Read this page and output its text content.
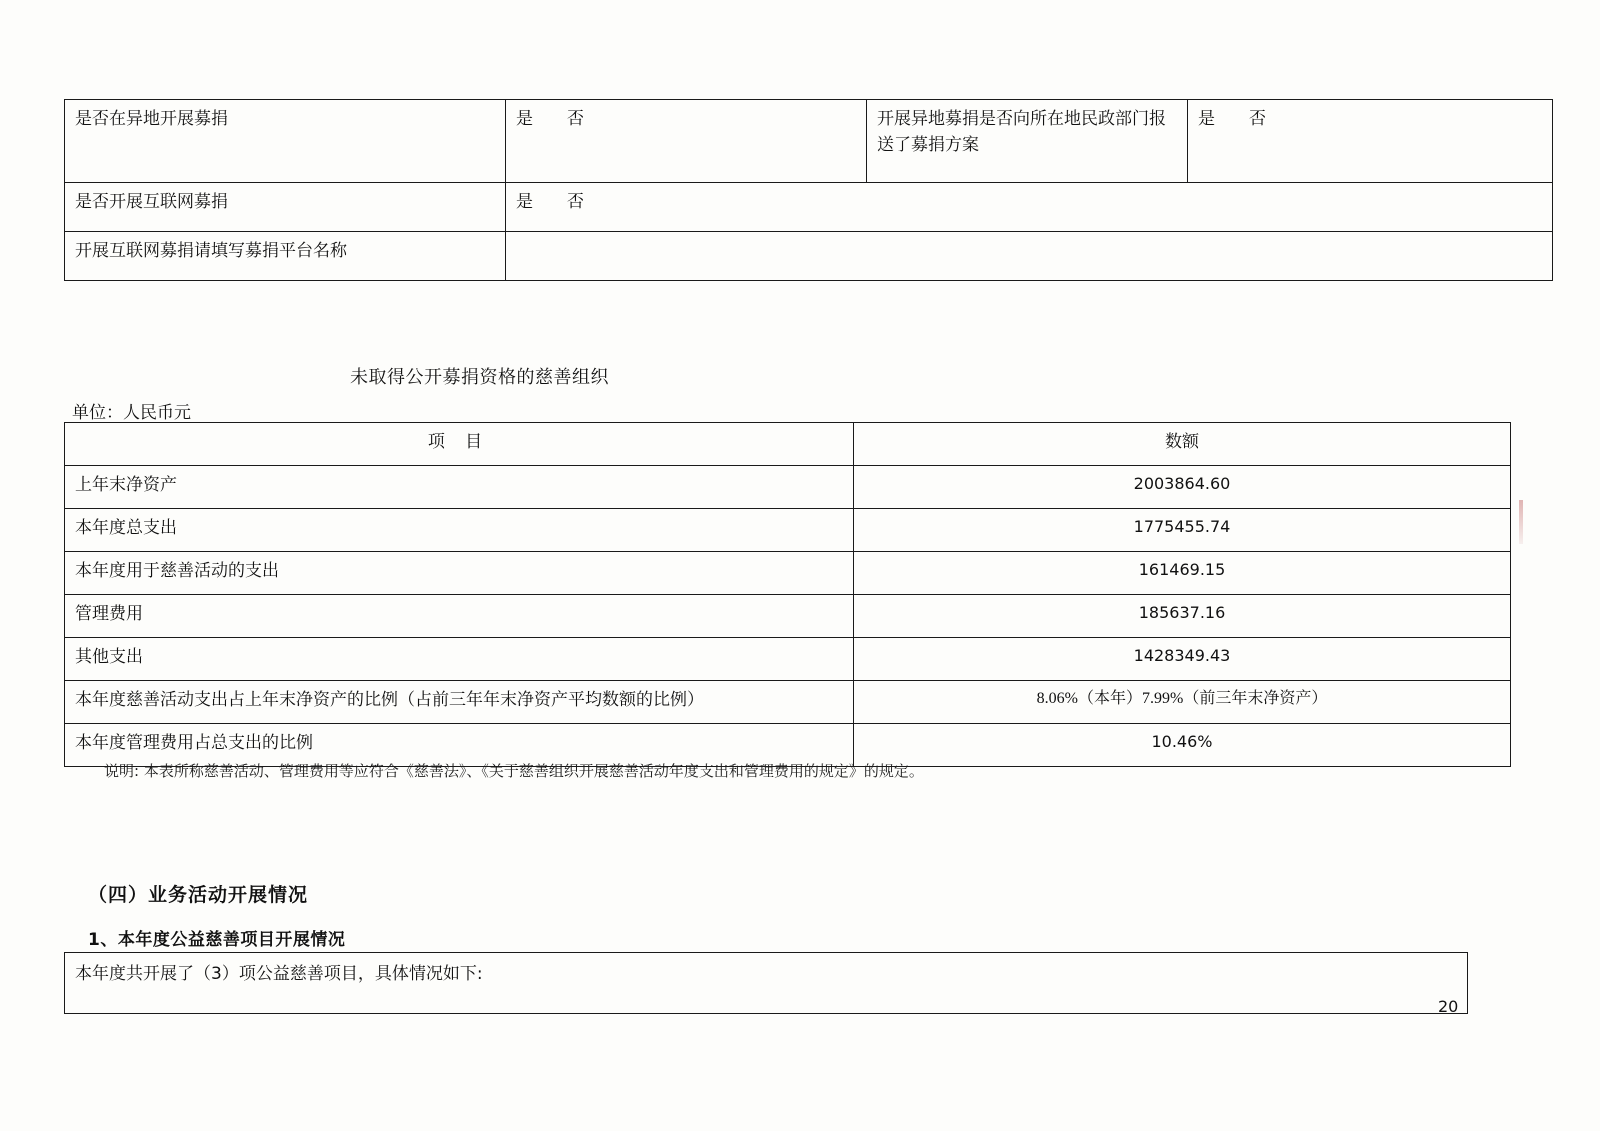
是否在异地开展募捐	是 否	开展异地募捐是否向所在地民政部门报送了募捐方案	是 否
是否开展互联网募捐	是 否		
开展互联网募捐请填写募捐平台名称			
未取得公开募捐资格的慈善组织
单位：人民币元
项 目	数额
上年末净资产	2003864.60
本年度总支出	1775455.74
本年度用于慈善活动的支出	161469.15
管理费用	185637.16
其他支出	1428349.43
本年度慈善活动支出占上年末净资产的比例（占前三年年末净资产平均数额的比例）	8.06%（本年）7.99%（前三年末净资产）
本年度管理费用占总支出的比例	10.46%
说明: 本表所称慈善活动、管理费用等应符合《慈善法》、《关于慈善组织开展慈善活动年度支出和管理费用的规定》的规定。
（四）业务活动开展情况
1、本年度公益慈善项目开展情况
本年度共开展了（3）项公益慈善项目，具体情况如下:
20
